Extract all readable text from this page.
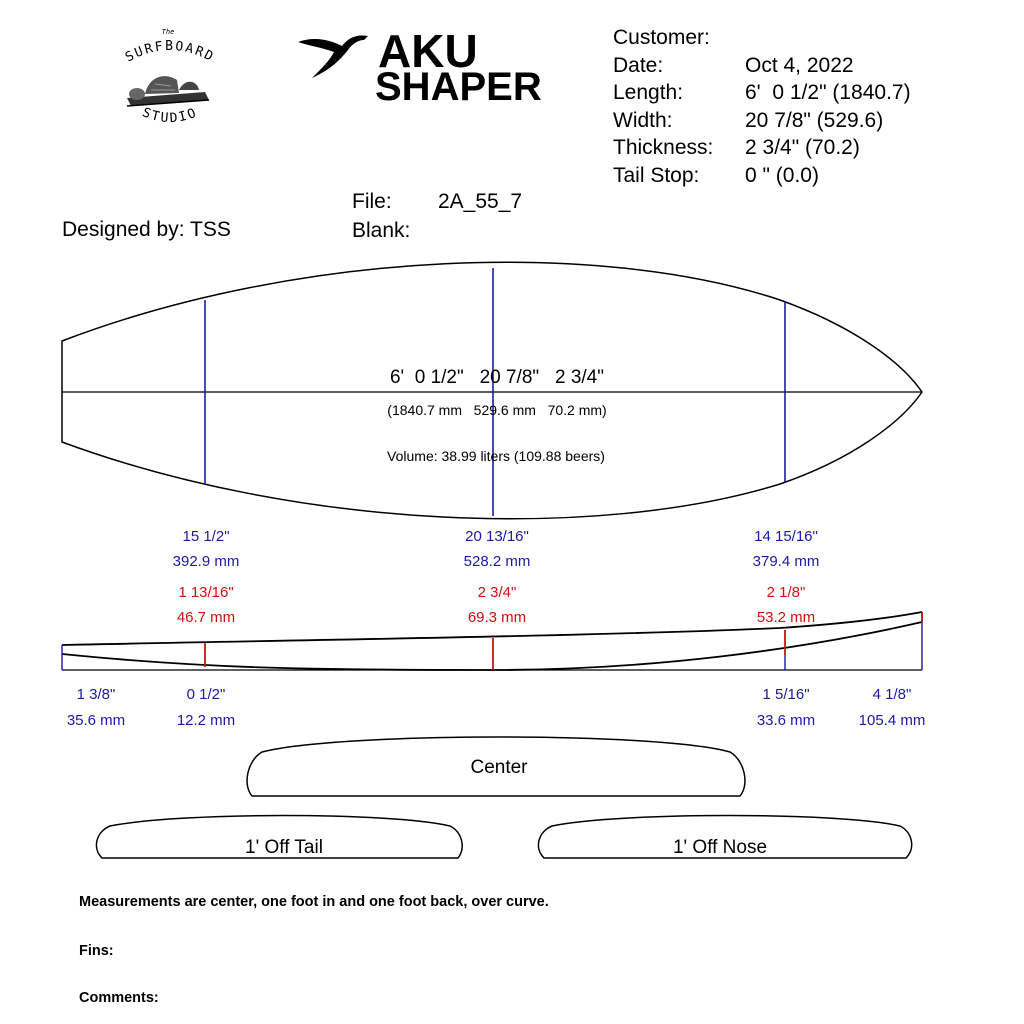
The
SURFBOARD
STUDIO
AKU
SHAPER
Customer:
Date:	Oct 4, 2022
Length:	6'  0 1/2" (1840.7)
Width:	20 7/8" (529.6)
Thickness:	2 3/4" (70.2)
Tail Stop:	0 " (0.0)
File: 2A_55_7
Blank:
Designed by: TSS
6'  0 1/2"   20 7/8"   2 3/4"
(1840.7 mm   529.6 mm   70.2 mm)
Volume: 38.99 liters (109.88 beers)
15 1/2"
392.9 mm
20 13/16"
528.2 mm
14 15/16"
379.4 mm
1 13/16"
46.7 mm
2 3/4"
69.3 mm
2 1/8"
53.2 mm
1 3/8"
35.6 mm
0 1/2"
12.2 mm
1 5/16"
33.6 mm
4 1/8"
105.4 mm
Center
1' Off Tail	1' Off Nose
Measurements are center, one foot in and one foot back, over curve.
Fins:
Comments:
